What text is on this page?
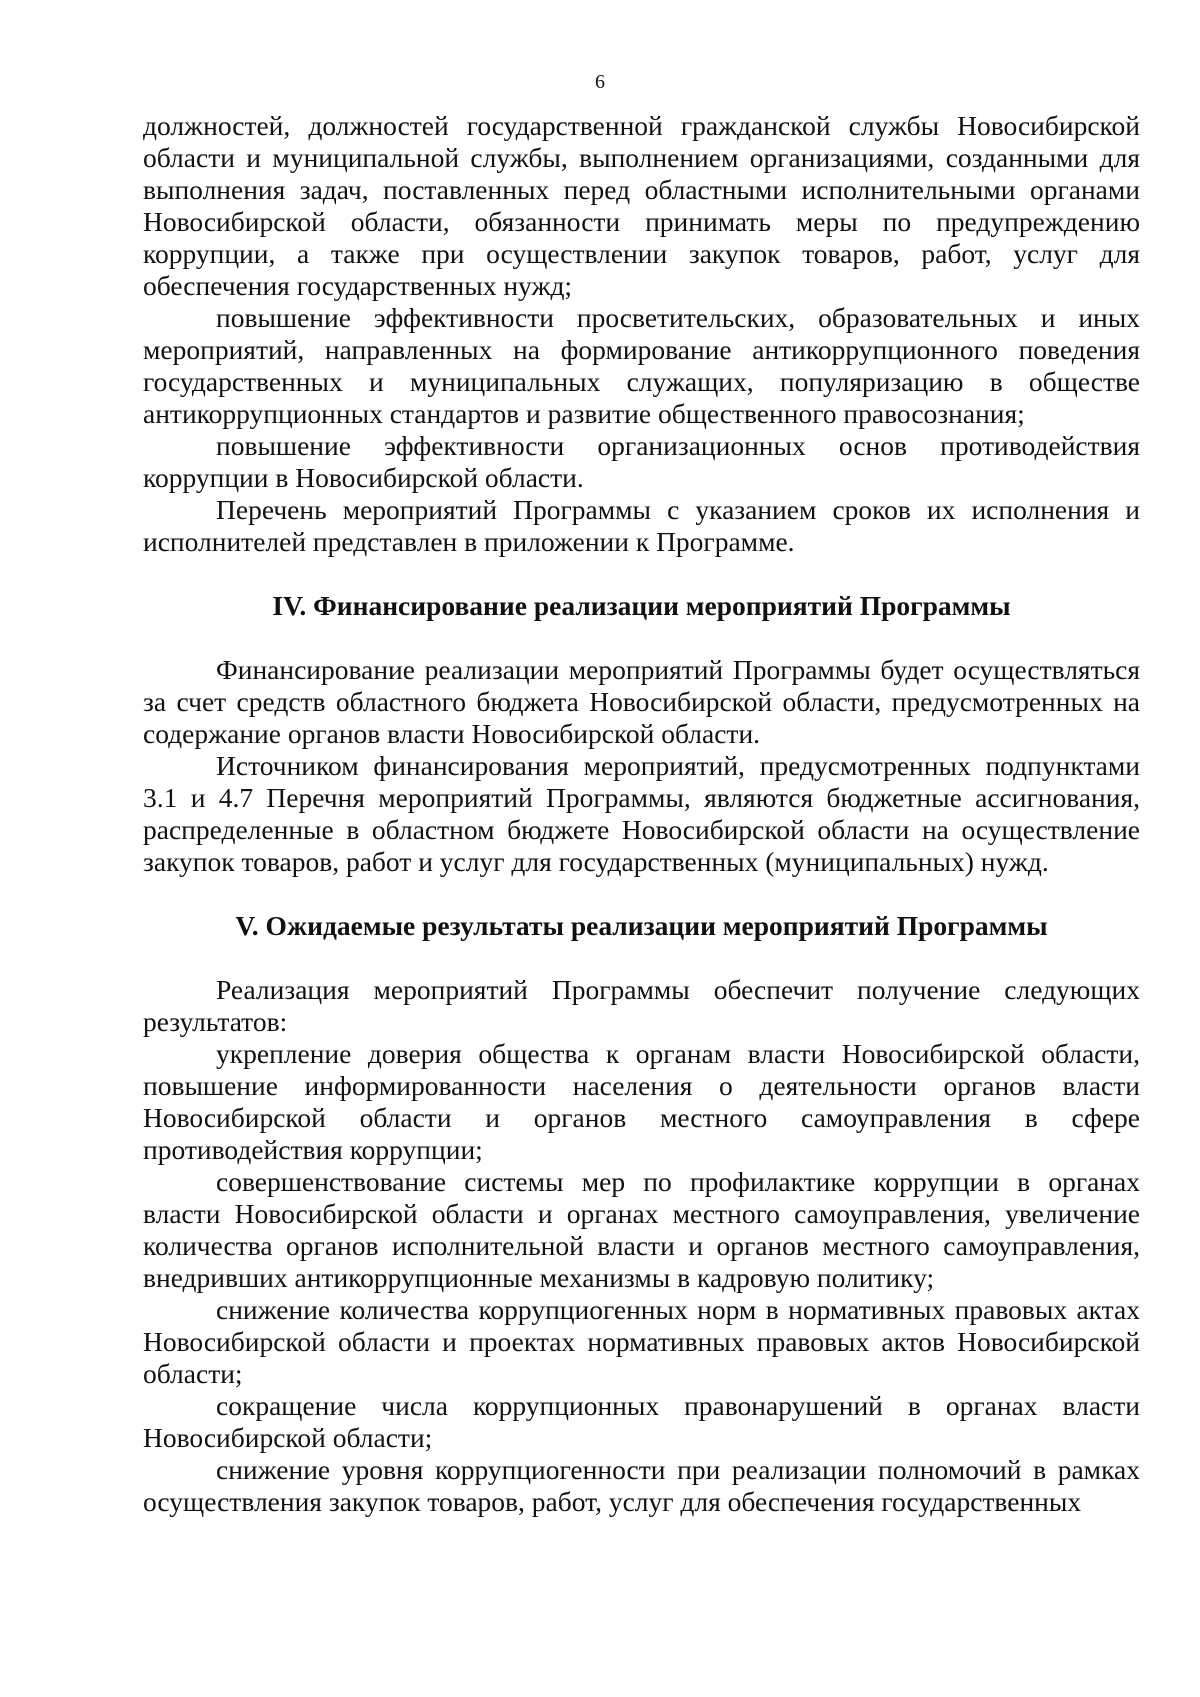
6

должностей, должностей государственной гражданской службы Новосибирской области и муниципальной службы, выполнением организациями, созданными для выполнения задач, поставленных перед областными исполнительными органами Новосибирской области, обязанности принимать меры по предупреждению коррупции, а также при осуществлении закупок товаров, работ, услуг для обеспечения государственных нужд;

повышение эффективности просветительских, образовательных и иных мероприятий, направленных на формирование антикоррупционного поведения государственных и муниципальных служащих, популяризацию в обществе антикоррупционных стандартов и развитие общественного правосознания;

повышение эффективности организационных основ противодействия коррупции в Новосибирской области.

Перечень мероприятий Программы с указанием сроков их исполнения и исполнителей представлен в приложении к Программе.

IV. Финансирование реализации мероприятий Программы

Финансирование реализации мероприятий Программы будет осуществляться за счет средств областного бюджета Новосибирской области, предусмотренных на содержание органов власти Новосибирской области.

Источником финансирования мероприятий, предусмотренных подпунктами 3.1 и 4.7 Перечня мероприятий Программы, являются бюджетные ассигнования, распределенные в областном бюджете Новосибирской области на осуществление закупок товаров, работ и услуг для государственных (муниципальных) нужд.

V. Ожидаемые результаты реализации мероприятий Программы

Реализация мероприятий Программы обеспечит получение следующих результатов:

укрепление доверия общества к органам власти Новосибирской области, повышение информированности населения о деятельности органов власти Новосибирской области и органов местного самоуправления в сфере противодействия коррупции;

совершенствование системы мер по профилактике коррупции в органах власти Новосибирской области и органах местного самоуправления, увеличение количества органов исполнительной власти и органов местного самоуправления, внедривших антикоррупционные механизмы в кадровую политику;

снижение количества коррупциогенных норм в нормативных правовых актах Новосибирской области и проектах нормативных правовых актов Новосибирской области;

сокращение числа коррупционных правонарушений в органах власти Новосибирской области;

снижение уровня коррупциогенности при реализации полномочий в рамках осуществления закупок товаров, работ, услуг для обеспечения государственных
